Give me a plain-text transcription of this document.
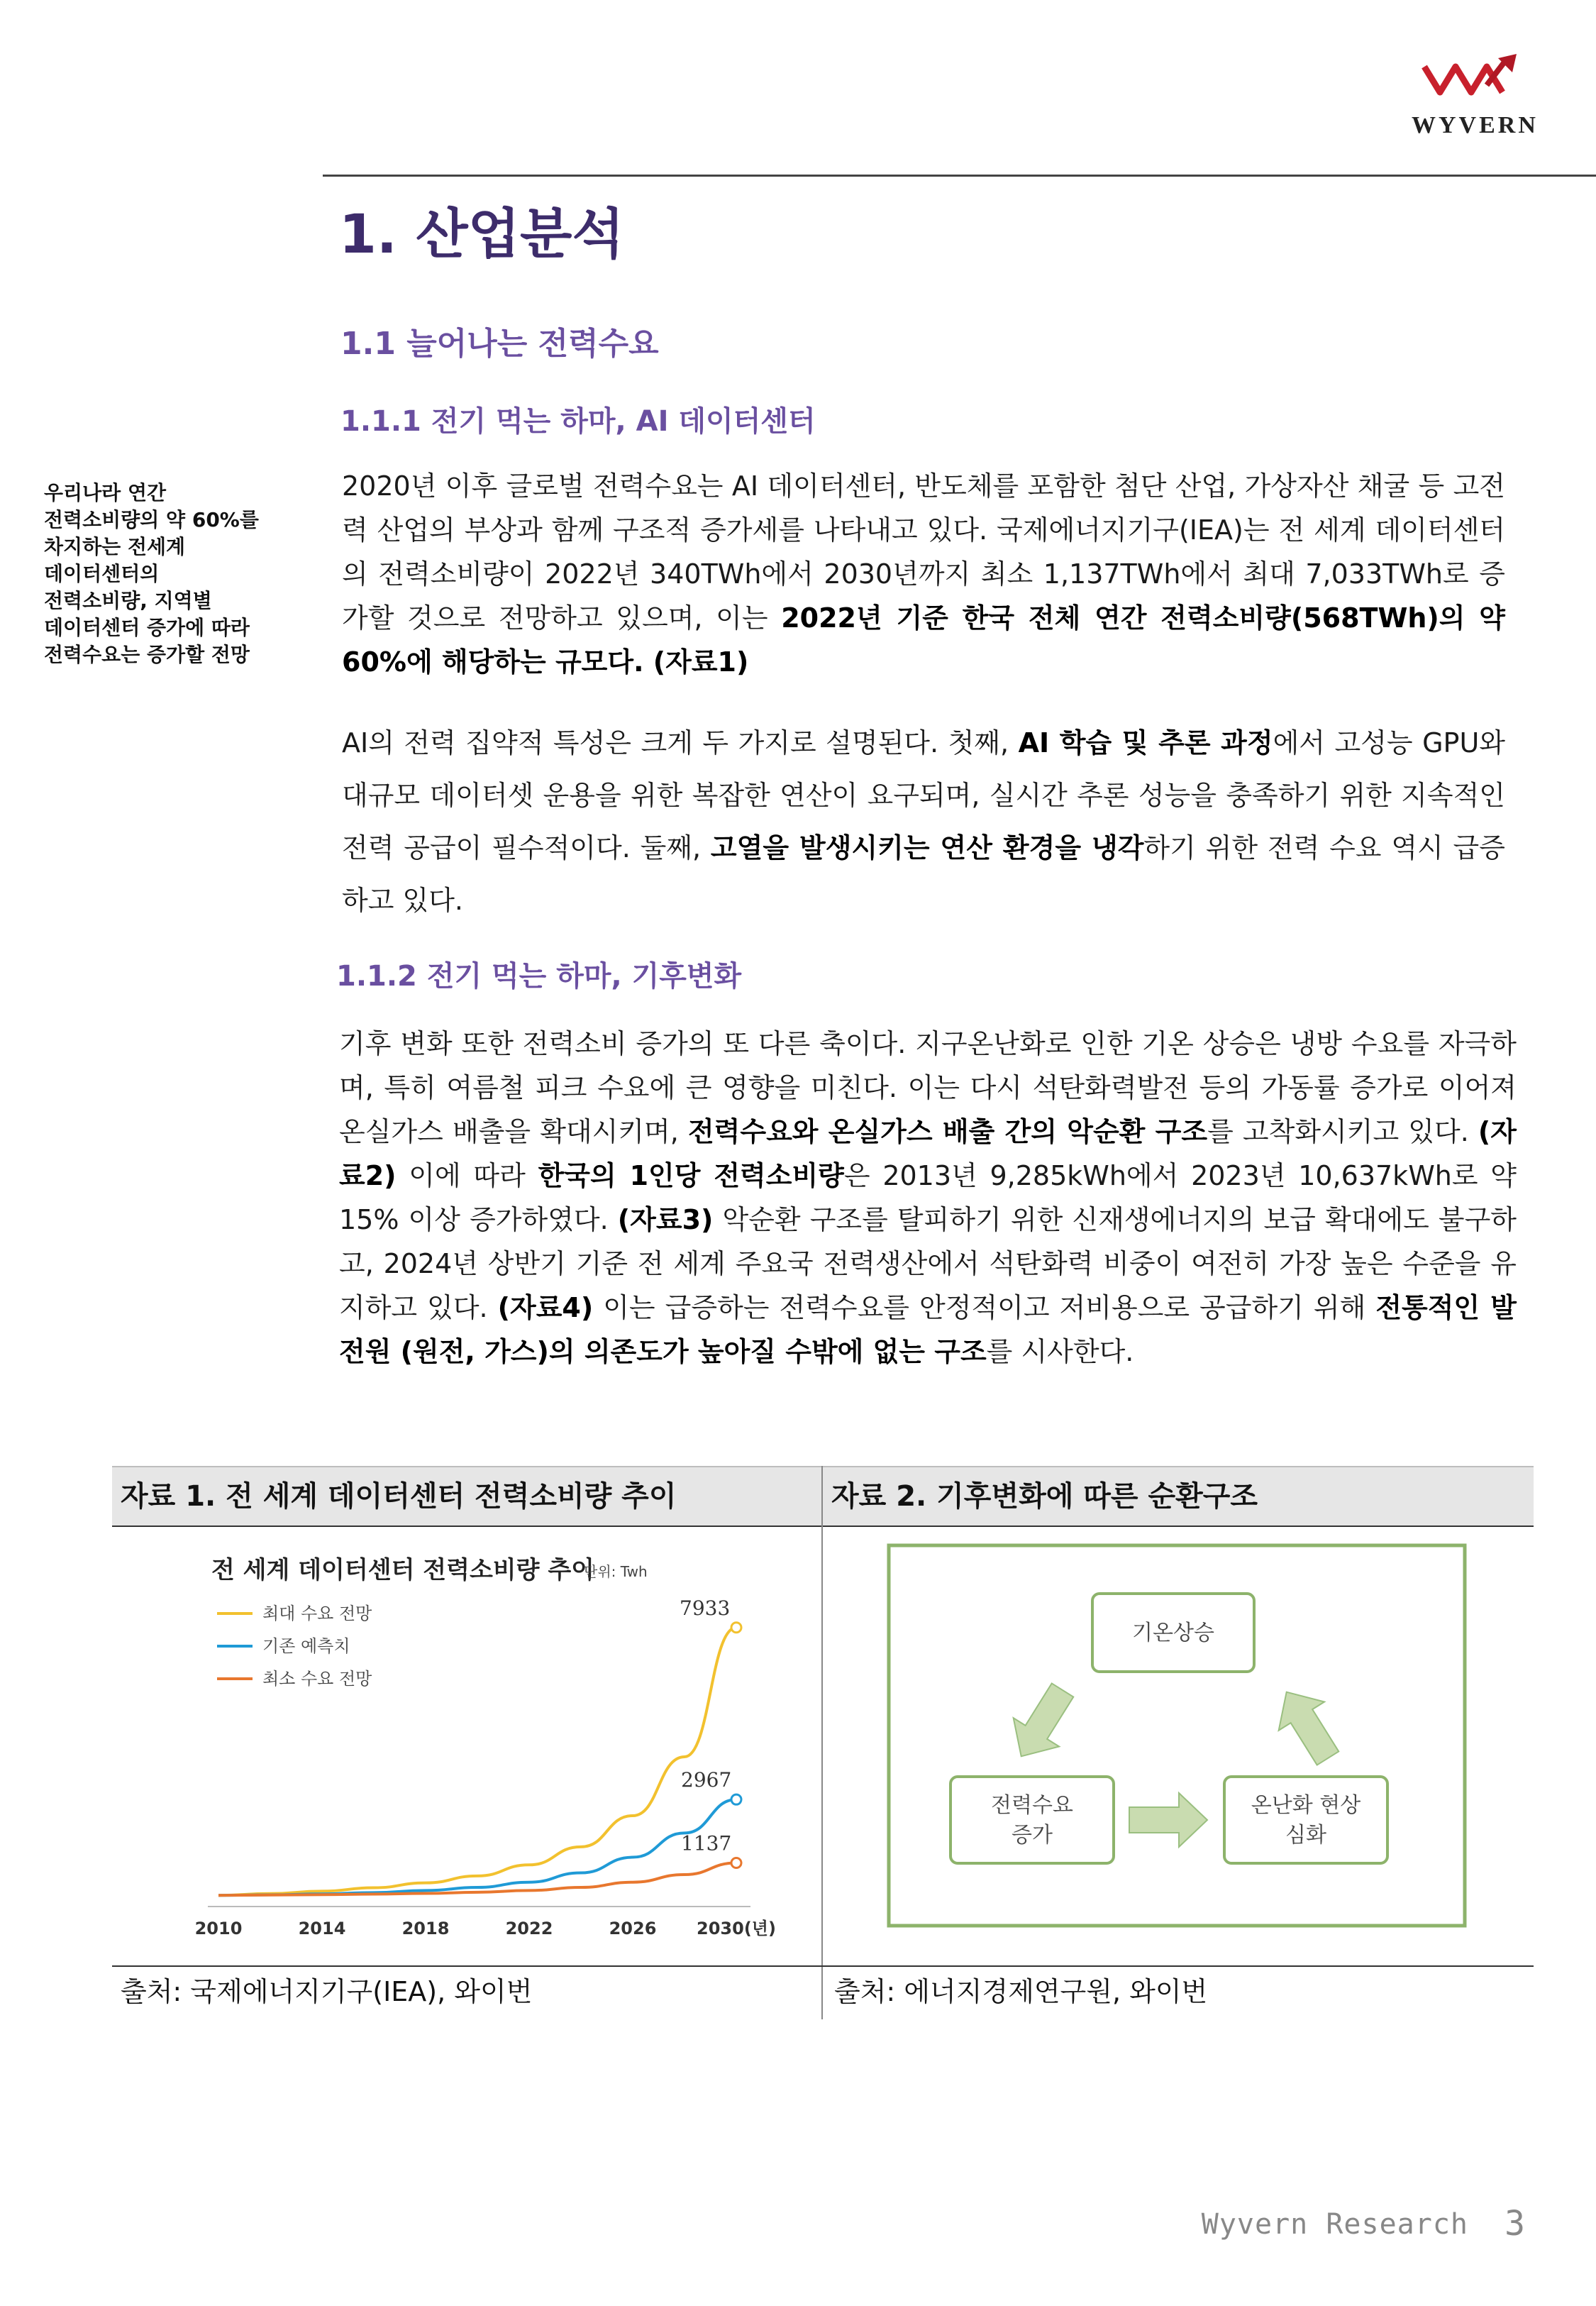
WYVERN
1. 산업분석
1.1 늘어나는 전력수요
1.1.1 전기 먹는 하마, AI 데이터센터
1.1.2 전기 먹는 하마, 기후변화
우리나라 연간
전력소비량의 약 60%를
차지하는 전세계
데이터센터의
전력소비량, 지역별
데이터센터 증가에 따라
전력수요는 증가할 전망

2020년 이후 글로벌 전력수요는 AI 데이터센터, 반도체를 포함한 첨단 산업, 가상자산 채굴 등 고전력 산업의 부상과 함께 구조적 증가세를 나타내고 있다. 국제에너지기구(IEA)는 전 세계 데이터센터의 전력소비량이 2022년 340TWh에서 2030년까지 최소 1,137TWh에서 최대 7,033TWh로 증가할 것으로 전망하고 있으며, 이는 2022년 기준 한국 전체 연간 전력소비량(568TWh)의 약 60%에 해당하는 규모다. (자료1)

AI의 전력 집약적 특성은 크게 두 가지로 설명된다. 첫째, AI 학습 및 추론 과정에서 고성능 GPU와 대규모 데이터셋 운용을 위한 복잡한 연산이 요구되며, 실시간 추론 성능을 충족하기 위한 지속적인 전력 공급이 필수적이다. 둘째, 고열을 발생시키는 연산 환경을 냉각하기 위한 전력 수요 역시 급증하고 있다.

기후 변화 또한 전력소비 증가의 또 다른 축이다. 지구온난화로 인한 기온 상승은 냉방 수요를 자극하며, 특히 여름철 피크 수요에 큰 영향을 미친다. 이는 다시 석탄화력발전 등의 가동률 증가로 이어져 온실가스 배출을 확대시키며, 전력수요와 온실가스 배출 간의 악순환 구조를 고착화시키고 있다. (자료2) 이에 따라 한국의 1인당 전력소비량은 2013년 9,285kWh에서 2023년 10,637kWh로 약 15% 이상 증가하였다. (자료3) 악순환 구조를 탈피하기 위한 신재생에너지의 보급 확대에도 불구하고, 2024년 상반기 기준 전 세계 주요국 전력생산에서 석탄화력 비중이 여전히 가장 높은 수준을 유지하고 있다. (자료4) 이는 급증하는 전력수요를 안정적이고 저비용으로 공급하기 위해 전통적인 발전원 (원전, 가스)의 의존도가 높아질 수밖에 없는 구조를 시사한다.

자료 1. 전 세계 데이터센터 전력소비량 추이	자료 2. 기후변화에 따른 순환구조
전 세계 데이터센터 전력소비량 추이
단위: Twh
최대 수요 전망
기존 예측치
최소 수요 전망
7933
2967
1137
2010	2014	2018	2022	2026 2030(년)
기온상승
전력수요 증가
온난화 현상 심화
출처: 국제에너지기구(IEA), 와이번	출처: 에너지경제연구원, 와이번
Wyvern Research 3
